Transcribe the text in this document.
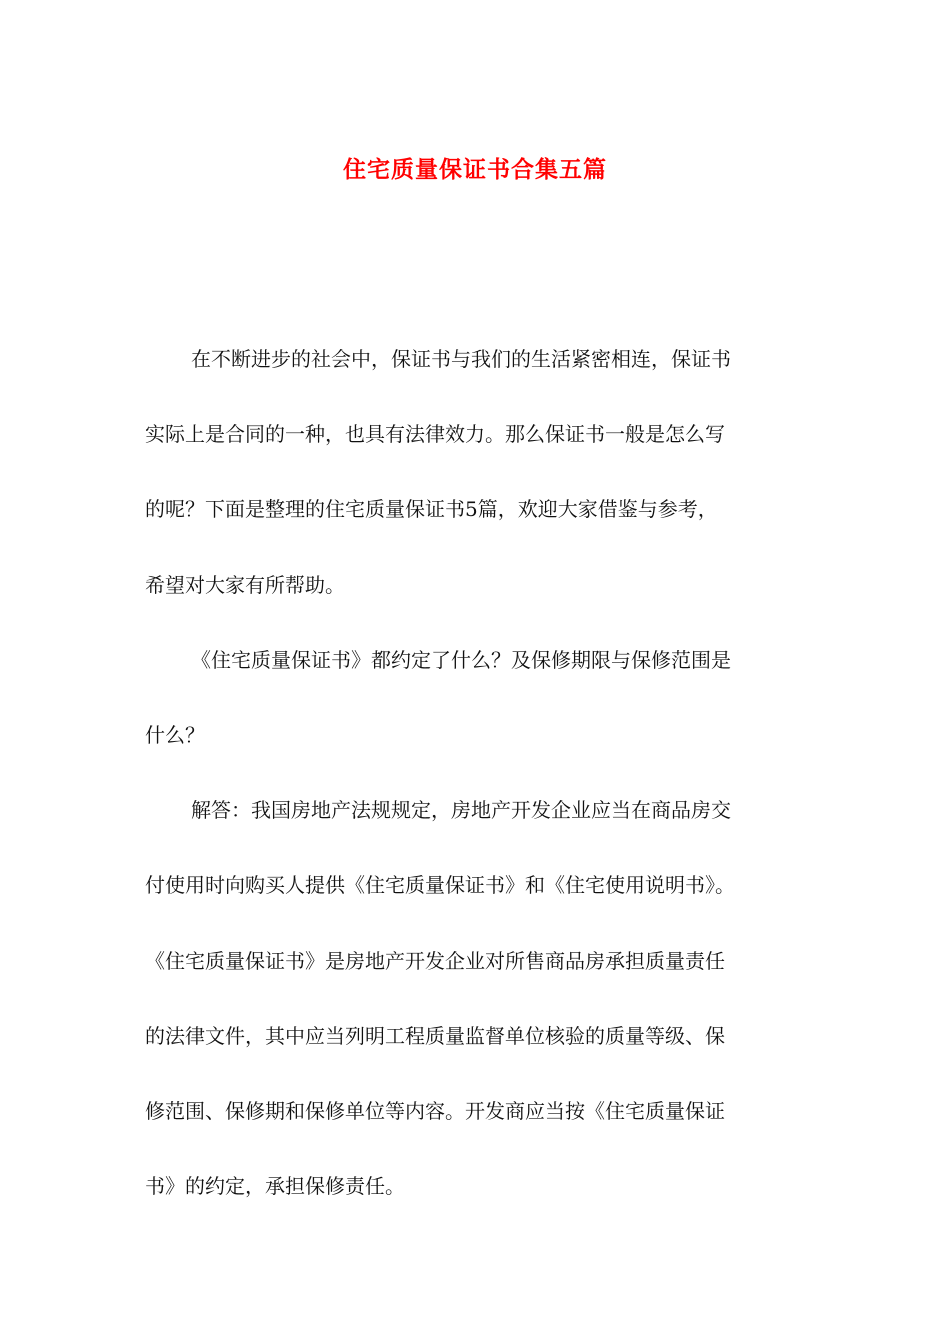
住宅质量保证书合集五篇

在不断进步的社会中，保证书与我们的生活紧密相连，保证书
实际上是合同的一种，也具有法律效力。那么保证书一般是怎么写
的呢？下面是整理的住宅质量保证书5篇，欢迎大家借鉴与参考，
希望对大家有所帮助。

《住宅质量保证书》都约定了什么？及保修期限与保修范围是
什么？

解答：我国房地产法规规定，房地产开发企业应当在商品房交
付使用时向购买人提供《住宅质量保证书》和《住宅使用说明书》。
《住宅质量保证书》是房地产开发企业对所售商品房承担质量责任
的法律文件，其中应当列明工程质量监督单位核验的质量等级、保
修范围、保修期和保修单位等内容。开发商应当按《住宅质量保证
书》的约定，承担保修责任。
